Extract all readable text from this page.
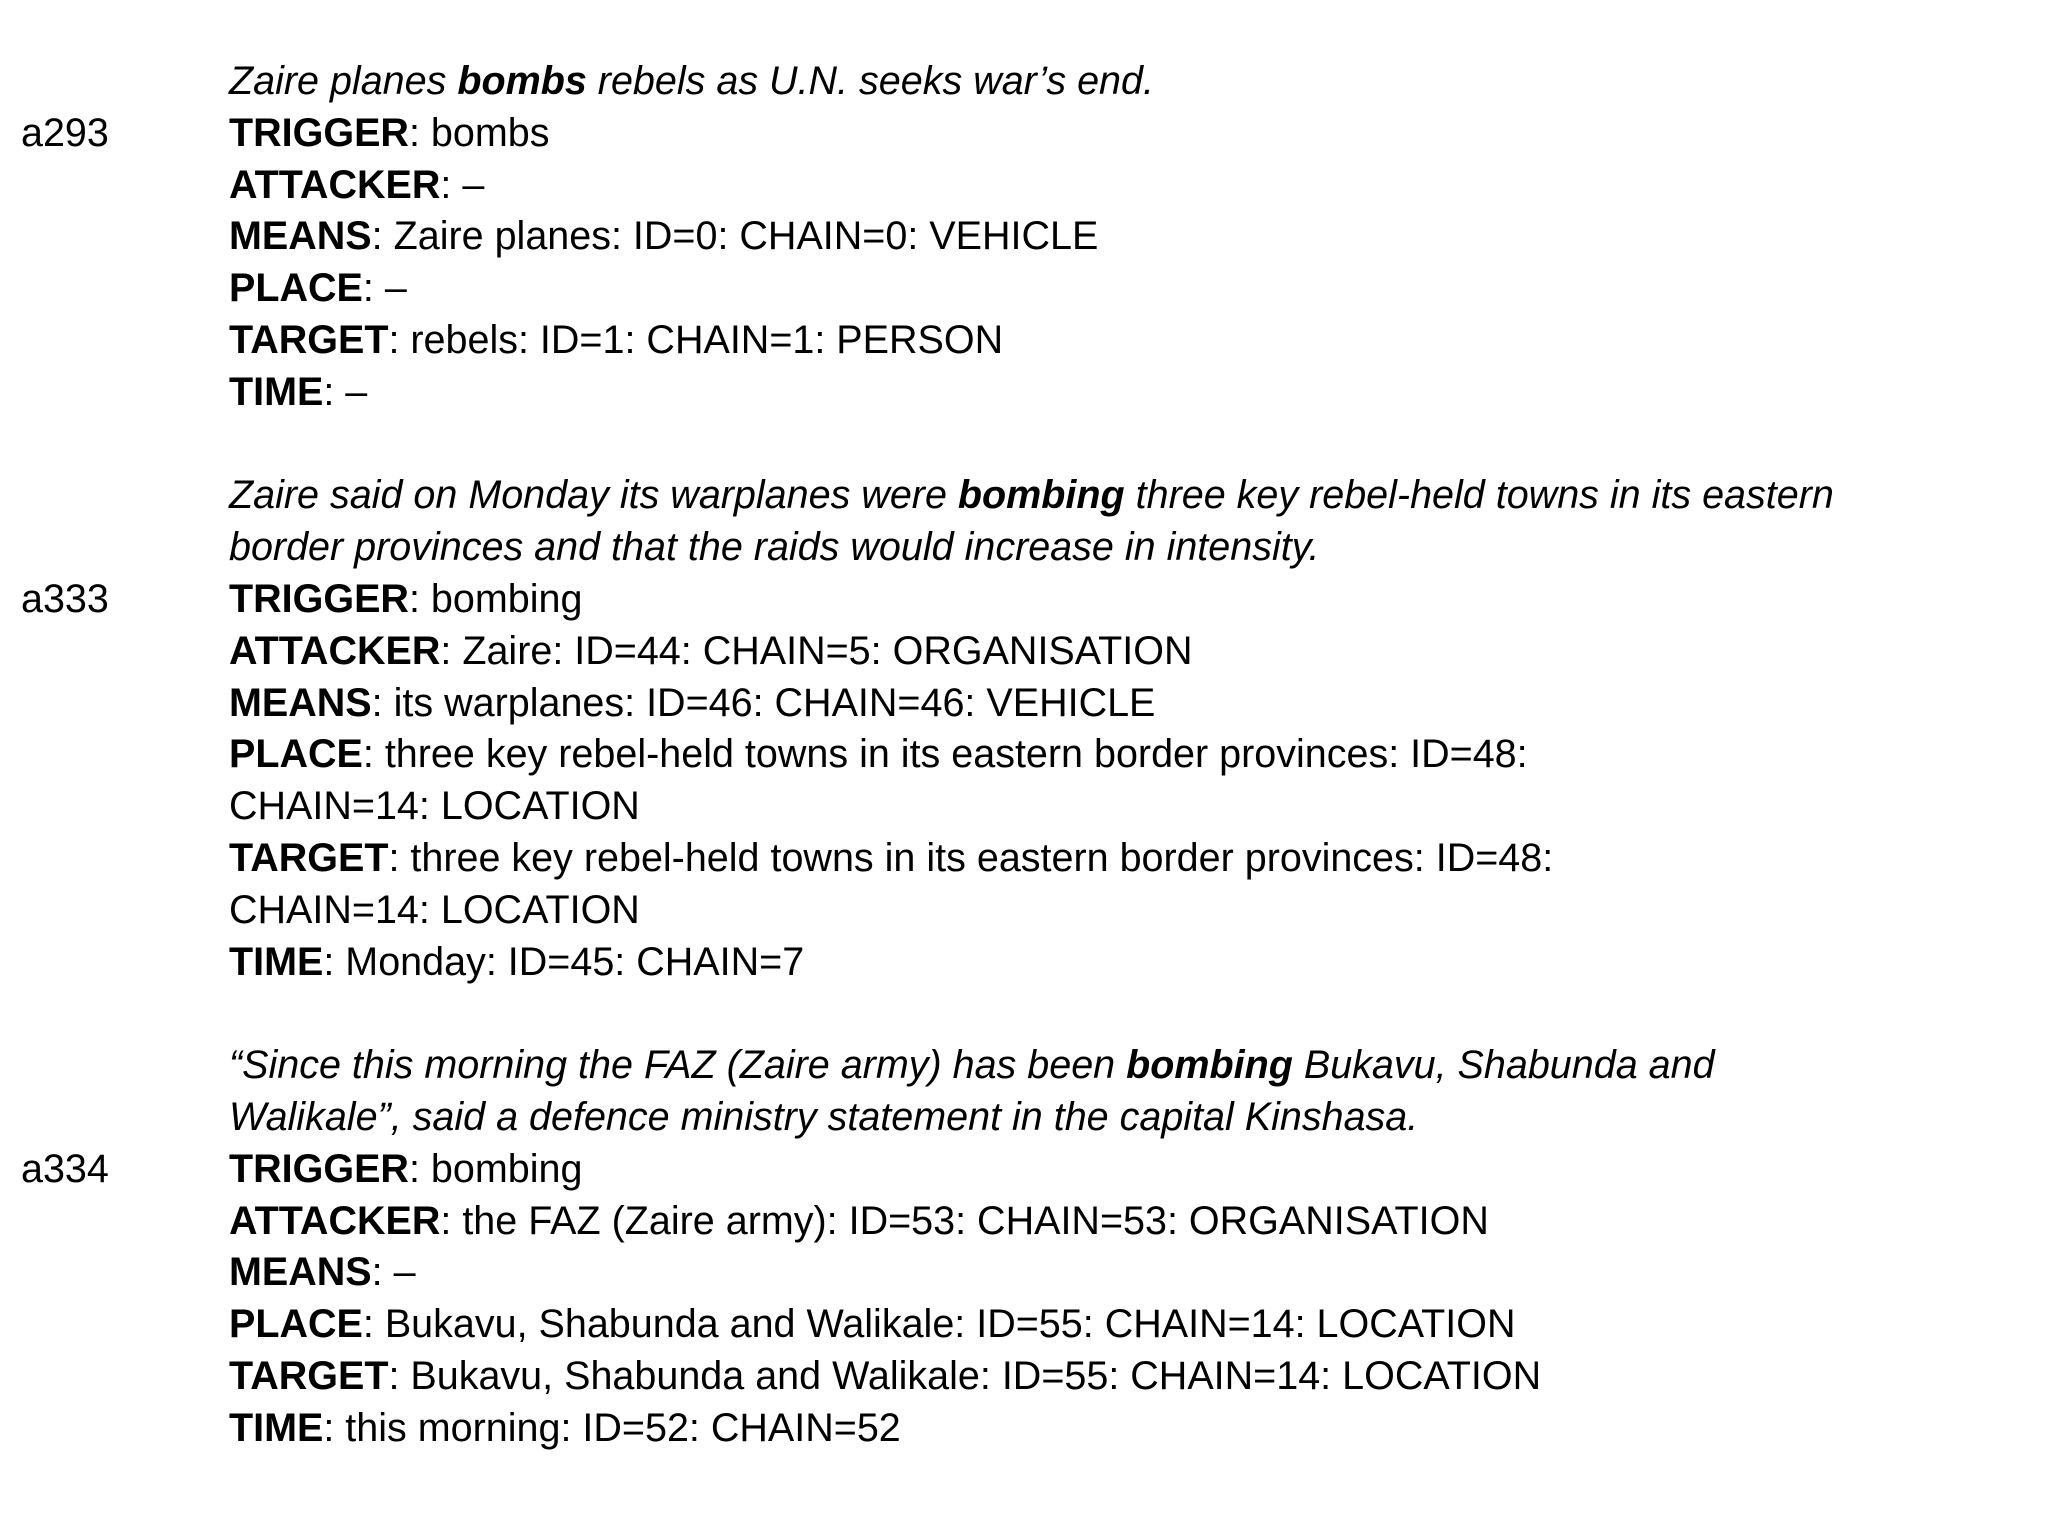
Zaire planes bombs rebels as U.N. seeks war’s end.
a293	TRIGGER: bombs
ATTACKER: –
MEANS: Zaire planes: ID=0: CHAIN=0: VEHICLE
PLACE: –
TARGET: rebels: ID=1: CHAIN=1: PERSON
TIME: –
Zaire said on Monday its warplanes were bombing three key rebel-held towns in its eastern
border provinces and that the raids would increase in intensity.
a333	TRIGGER: bombing
ATTACKER: Zaire: ID=44: CHAIN=5: ORGANISATION
MEANS: its warplanes: ID=46: CHAIN=46: VEHICLE
PLACE: three key rebel-held towns in its eastern border provinces: ID=48:
CHAIN=14: LOCATION
TARGET: three key rebel-held towns in its eastern border provinces: ID=48:
CHAIN=14: LOCATION
TIME: Monday: ID=45: CHAIN=7
“Since this morning the FAZ (Zaire army) has been bombing Bukavu, Shabunda and
Walikale”, said a defence ministry statement in the capital Kinshasa.
a334	TRIGGER: bombing
ATTACKER: the FAZ (Zaire army): ID=53: CHAIN=53: ORGANISATION
MEANS: –
PLACE: Bukavu, Shabunda and Walikale: ID=55: CHAIN=14: LOCATION
TARGET: Bukavu, Shabunda and Walikale: ID=55: CHAIN=14: LOCATION
TIME: this morning: ID=52: CHAIN=52
